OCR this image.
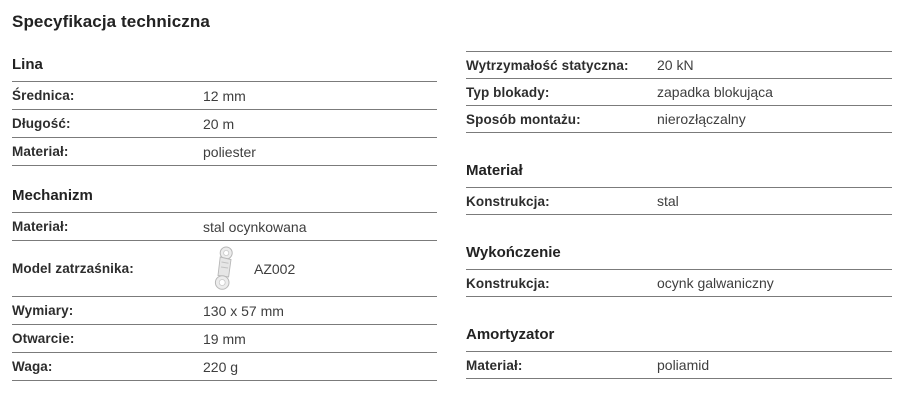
Specyfikacja techniczna
Lina
Średnica:	12 mm
Długość:	20 m
Materiał:	poliester
Mechanizm
Materiał:	stal ocynkowana
Model zatrzaśnika:	AZ002
Wymiary:	130 x 57 mm
Otwarcie:	19 mm
Waga:	220 g
Wytrzymałość statyczna:	20 kN
Typ blokady:	zapadka blokująca
Sposób montażu:	nierozłączalny
Materiał
Konstrukcja:	stal
Wykończenie
Konstrukcja:	ocynk galwaniczny
Amortyzator
Materiał:	poliamid
